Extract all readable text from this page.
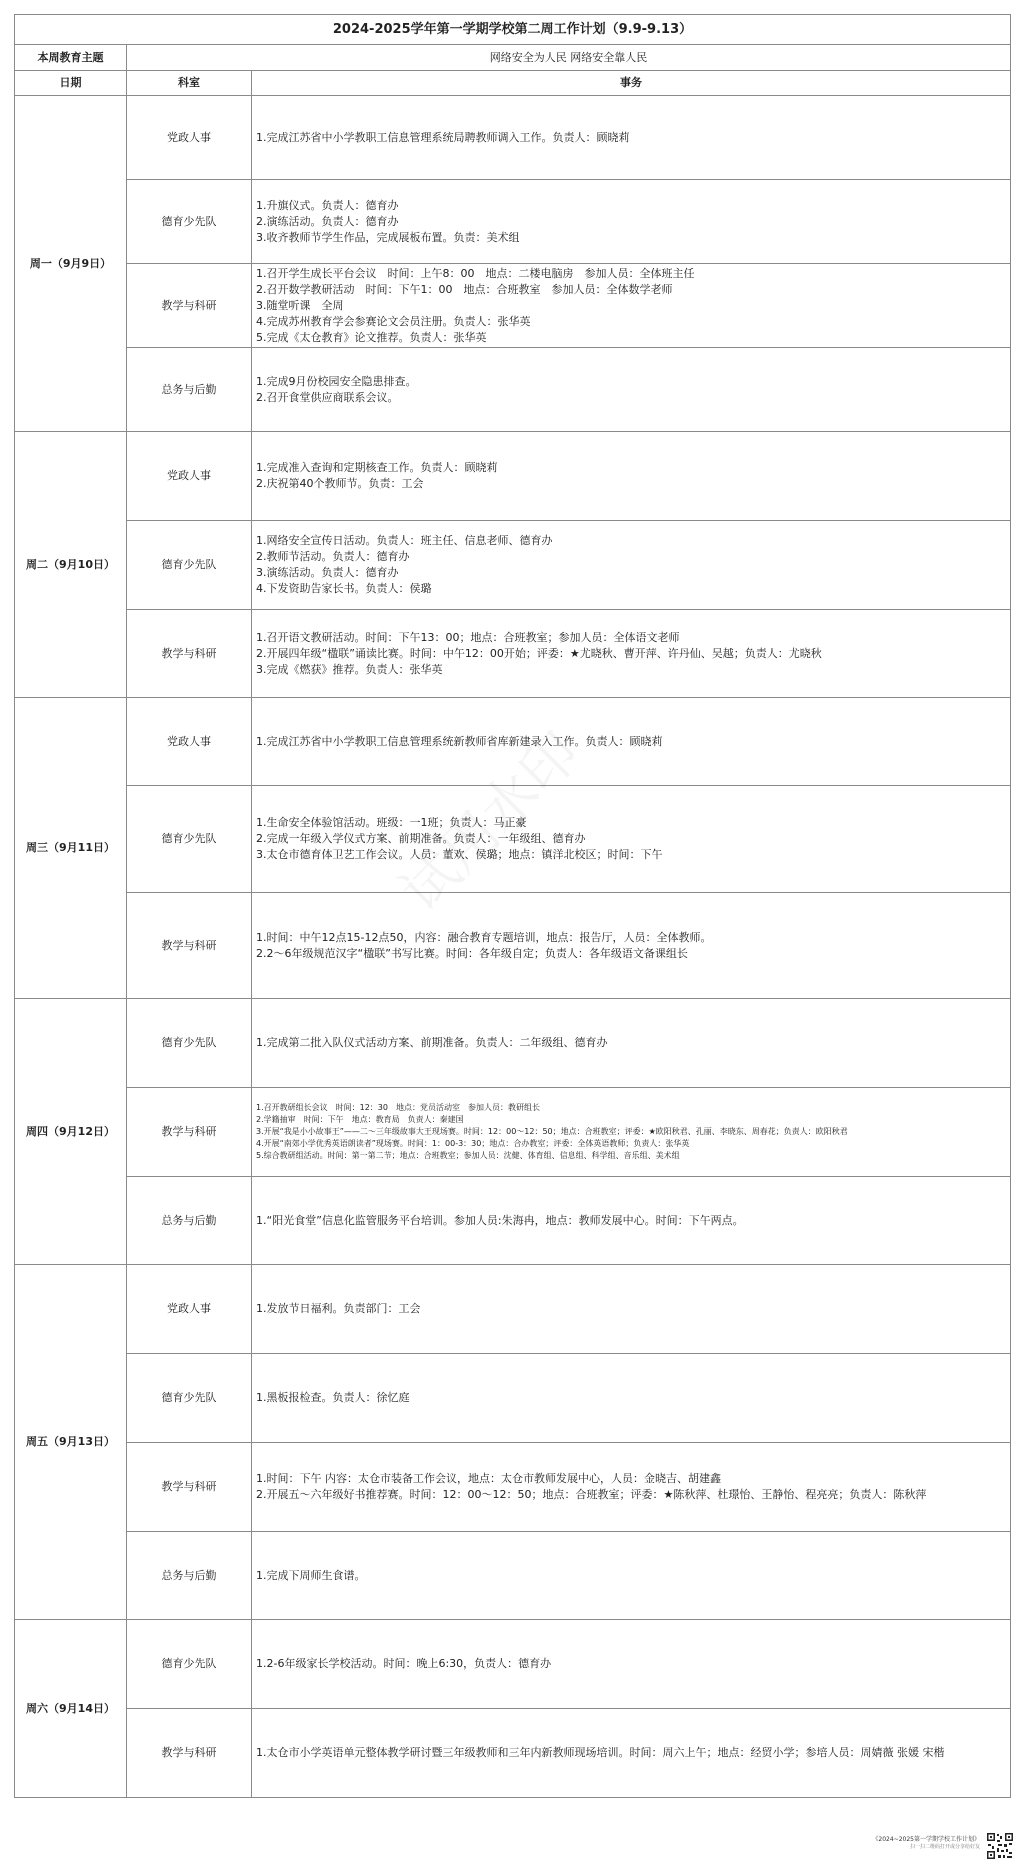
2024-2025学年第一学期学校第二周工作计划（9.9-9.13）		
本周教育主题	网络安全为人民 网络安全靠人民	
日期	科室	事务
周一（9月9日）	党政人事	1.完成江苏省中小学教职工信息管理系统局聘教师调入工作。负责人：顾晓莉

	德育少先队	1.升旗仪式。负责人：德育办
2.演练活动。负责人：德育办
3.收齐教师节学生作品，完成展板布置。负责：美术组

	教学与科研	1.召开学生成长平台会议　时间：上午8：00　地点：二楼电脑房　参加人员：全体班主任
2.召开数学教研活动　时间：下午1：00　地点：合班教室　参加人员：全体数学老师
3.随堂听课　全周
4.完成苏州教育学会参赛论文会员注册。负责人：张华英
5.完成《太仓教育》论文推荐。负责人：张华英

	总务与后勤	1.完成9月份校园安全隐患排查。
2.召开食堂供应商联系会议。

周二（9月10日）	党政人事	1.完成准入查询和定期核查工作。负责人：顾晓莉
2.庆祝第40个教师节。负责：工会

	德育少先队	1.网络安全宣传日活动。负责人：班主任、信息老师、德育办
2.教师节活动。负责人：德育办
3.演练活动。负责人：德育办
4.下发资助告家长书。负责人：侯璐

	教学与科研	1.召开语文教研活动。时间：下午13：00；地点：合班教室；参加人员：全体语文老师
2.开展四年级“楹联”诵读比赛。时间：中午12：00开始；评委：★尤晓秋、曹开萍、许丹仙、吴越；负责人：尤晓秋
3.完成《燃获》推荐。负责人：张华英

周三（9月11日）	党政人事	1.完成江苏省中小学教职工信息管理系统新教师省库新建录入工作。负责人：顾晓莉

	德育少先队	1.生命安全体验馆活动。班级：一1班；负责人：马正豪
2.完成一年级入学仪式方案、前期准备。负责人：一年级组、德育办
3.太仓市德育体卫艺工作会议。人员：董欢、侯璐；地点：镇洋北校区；时间：下午

	教学与科研	1.时间：中午12点15-12点50，内容：融合教育专题培训，地点：报告厅，人员：全体教师。
2.2～6年级规范汉字“楹联”书写比赛。时间：各年级自定；负责人：各年级语文备课组长

周四（9月12日）	德育少先队	1.完成第二批入队仪式活动方案、前期准备。负责人：二年级组、德育办

	教学与科研	1.召开教研组长会议　时间：12：30　地点：党员活动室　参加人员：教研组长
2.学籍抽审　时间：下午　地点：教育局　负责人：秦建国
3.开展“我是小小故事王”——二～三年级故事大王现场赛。时间：12：00～12：50；地点：合班教室；评委：★欧阳秋君、孔丽、李晓东、周春花；负责人：欧阳秋君
4.开展“南郊小学优秀英语朗读者”现场赛。时间：1：00-3：30；地点：合办教室；评委：全体英语教师；负责人：张华英
5.综合教研组活动。时间：第一第二节；地点：合班教室；参加人员：沈健、体育组、信息组、科学组、音乐组、美术组

	总务与后勤	1.“阳光食堂”信息化监管服务平台培训。参加人员:朱海冉，地点：教师发展中心。时间：下午两点。

周五（9月13日）	党政人事	1.发放节日福利。负责部门：工会

	德育少先队	1.黑板报检查。负责人：徐忆庭

	教学与科研	1.时间：下午 内容：太仓市装备工作会议，地点：太仓市教师发展中心，人员：金晓吉、胡建鑫
2.开展五～六年级好书推荐赛。时间：12：00～12：50；地点：合班教室；评委：★陈秋萍、杜璟怡、王静怡、程亮亮；负责人：陈秋萍

	总务与后勤	1.完成下周师生食谱。

周六（9月14日）	德育少先队	1.2-6年级家长学校活动。时间：晚上6:30，负责人：德育办

	教学与科研	1.太仓市小学英语单元整体教学研讨暨三年级教师和三年内新教师现场培训。时间：周六上午；地点：经贸小学；参培人员：周婧薇 张媛 宋楷
《2024~2025第一学期学校工作计划》
扫一扫二维码打开或分享给好友
